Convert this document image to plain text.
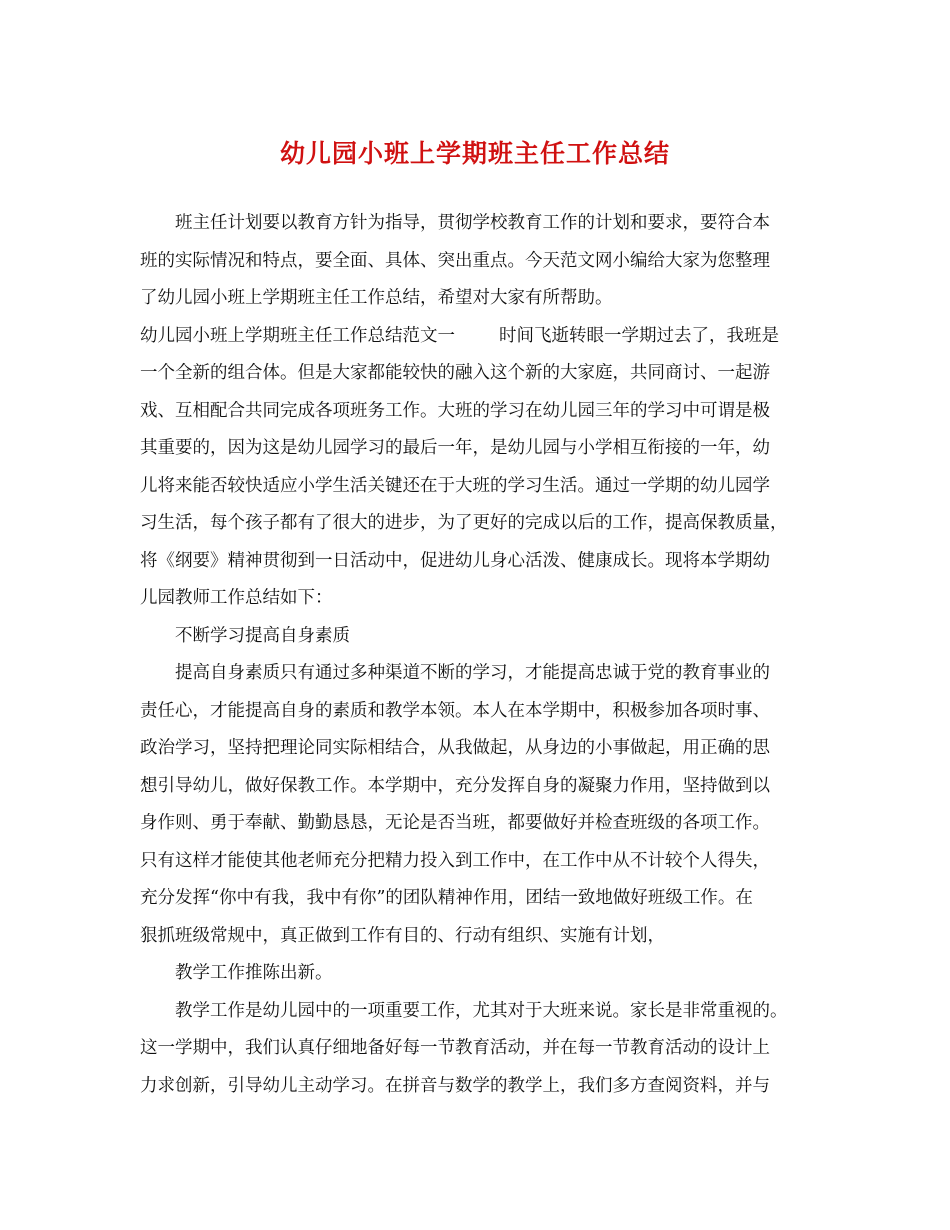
幼儿园小班上学期班主任工作总结
班主任计划要以教育方针为指导，贯彻学校教育工作的计划和要求，要符合本
班的实际情况和特点，要全面、具体、突出重点。今天范文网小编给大家为您整理
了幼儿园小班上学期班主任工作总结，希望对大家有所帮助。
幼儿园小班上学期班主任工作总结范文一	时间飞逝转眼一学期过去了，我班是
一个全新的组合体。但是大家都能较快的融入这个新的大家庭，共同商讨、一起游
戏、互相配合共同完成各项班务工作。大班的学习在幼儿园三年的学习中可谓是极
其重要的，因为这是幼儿园学习的最后一年，是幼儿园与小学相互衔接的一年，幼
儿将来能否较快适应小学生活关键还在于大班的学习生活。通过一学期的幼儿园学
习生活，每个孩子都有了很大的进步，为了更好的完成以后的工作，提高保教质量，
将《纲要》精神贯彻到一日活动中，促进幼儿身心活泼、健康成长。现将本学期幼
儿园教师工作总结如下：
不断学习提高自身素质
提高自身素质只有通过多种渠道不断的学习，才能提高忠诚于党的教育事业的
责任心，才能提高自身的素质和教学本领。本人在本学期中，积极参加各项时事、
政治学习，坚持把理论同实际相结合，从我做起，从身边的小事做起，用正确的思
想引导幼儿，做好保教工作。本学期中，充分发挥自身的凝聚力作用，坚持做到以
身作则、勇于奉献、勤勤恳恳，无论是否当班，都要做好并检查班级的各项工作。
只有这样才能使其他老师充分把精力投入到工作中，在工作中从不计较个人得失，
充分发挥“你中有我，我中有你”的团队精神作用，团结一致地做好班级工作。在
狠抓班级常规中，真正做到工作有目的、行动有组织、实施有计划，
教学工作推陈出新。
教学工作是幼儿园中的一项重要工作，尤其对于大班来说。家长是非常重视的。
这一学期中，我们认真仔细地备好每一节教育活动，并在每一节教育活动的设计上
力求创新，引导幼儿主动学习。在拼音与数学的教学上，我们多方查阅资料，并与
